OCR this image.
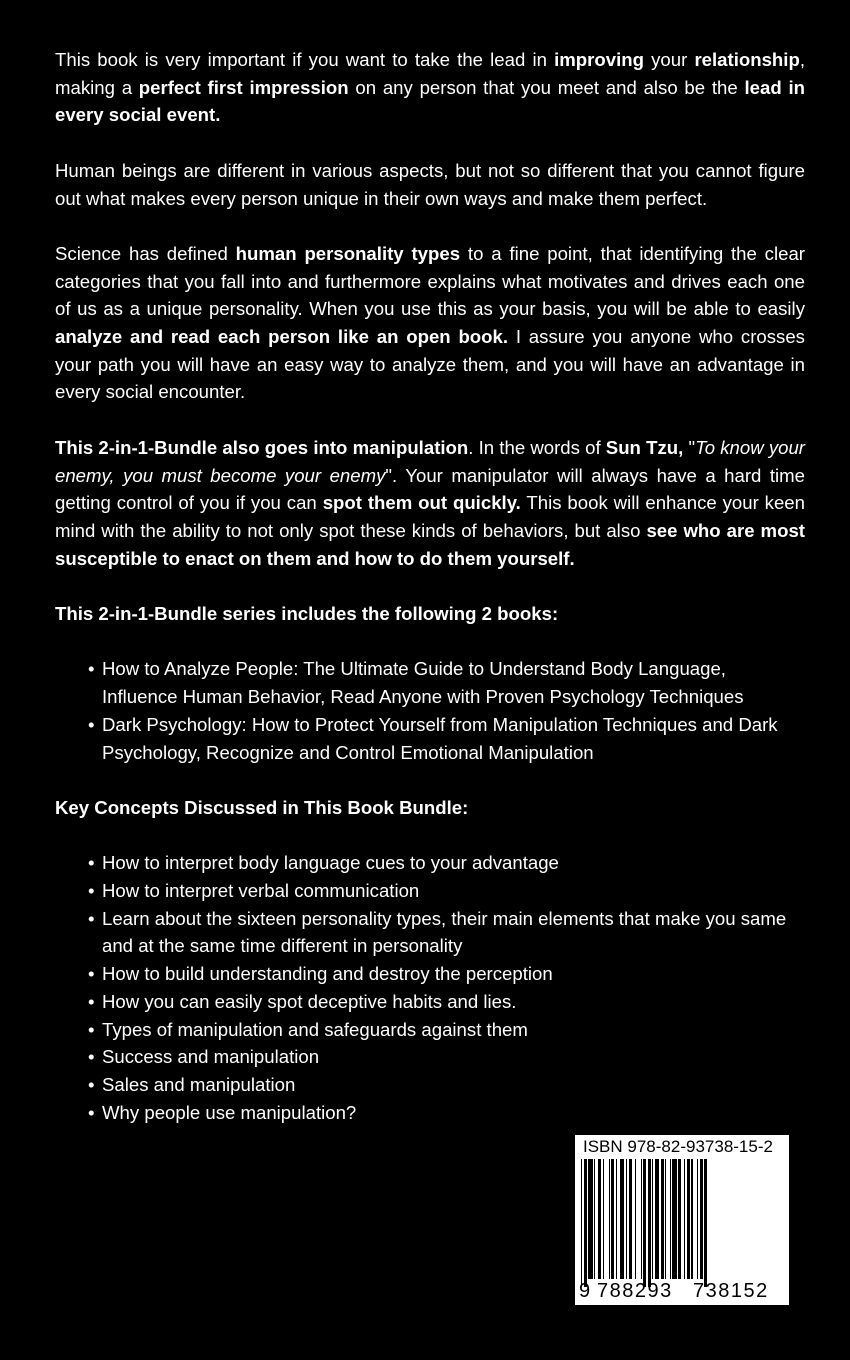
This book is very important if you want to take the lead in improving your relationship, making a perfect first impression on any person that you meet and also be the lead in every social event.

Human beings are different in various aspects, but not so different that you cannot figure out what makes every person unique in their own ways and make them perfect.

Science has defined human personality types to a fine point, that identifying the clear categories that you fall into and furthermore explains what motivates and drives each one of us as a unique personality. When you use this as your basis, you will be able to easily analyze and read each person like an open book. I assure you anyone who crosses your path you will have an easy way to analyze them, and you will have an advantage in every social encounter.

This 2-in-1-Bundle also goes into manipulation. In the words of Sun Tzu, "To know your enemy, you must become your enemy". Your manipulator will always have a hard time getting control of you if you can spot them out quickly. This book will enhance your keen mind with the ability to not only spot these kinds of behaviors, but also see who are most susceptible to enact on them and how to do them yourself.

This 2-in-1-Bundle series includes the following 2 books:

• How to Analyze People: The Ultimate Guide to Understand Body Language, Influence Human Behavior, Read Anyone with Proven Psychology Techniques
• Dark Psychology: How to Protect Yourself from Manipulation Techniques and Dark Psychology, Recognize and Control Emotional Manipulation

Key Concepts Discussed in This Book Bundle:

• How to interpret body language cues to your advantage
• How to interpret verbal communication
• Learn about the sixteen personality types, their main elements that make you same and at the same time different in personality
• How to build understanding and destroy the perception
• How you can easily spot deceptive habits and lies.
• Types of manipulation and safeguards against them
• Success and manipulation
• Sales and manipulation
• Why people use manipulation?
ISBN 978-82-93738-15-2
9 788293 738152
